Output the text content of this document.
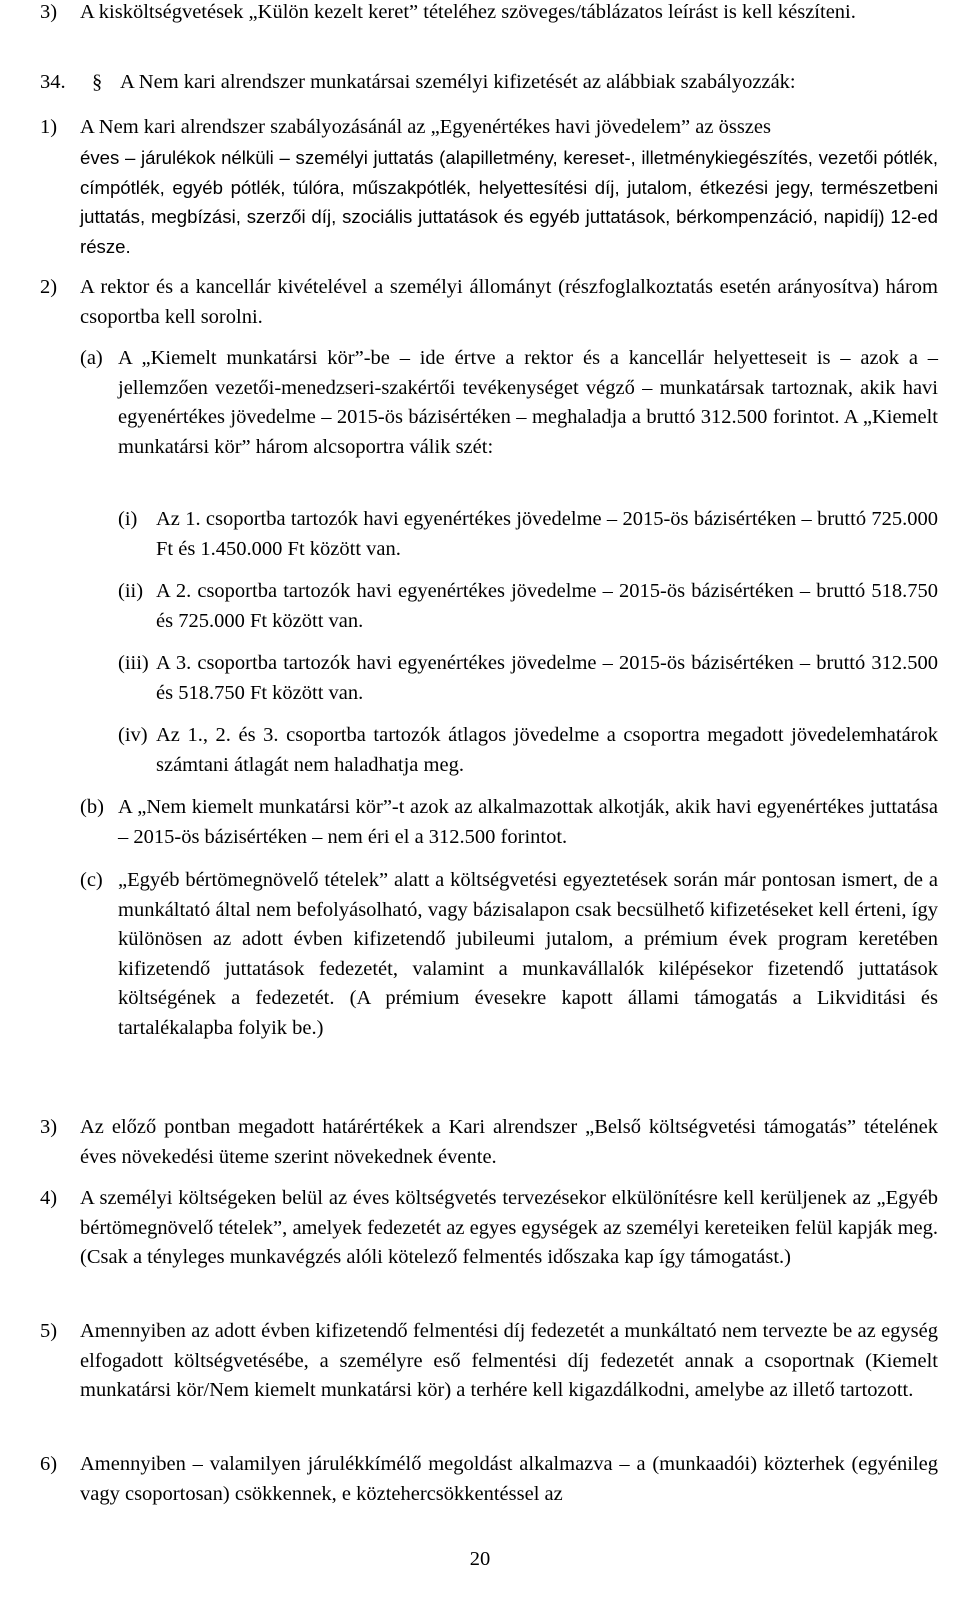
3) A kisköltségvetések „Külön kezelt keret” tételéhez szöveges/táblázatos leírást is kell készíteni.
34. § A Nem kari alrendszer munkatársai személyi kifizetését az alábbiak szabályozzák:
1) A Nem kari alrendszer szabályozásánál az „Egyenértékes havi jövedelem” az összes
éves – járulékok nélküli – személyi juttatás (alapilletmény, kereset-, illetménykiegészítés, vezetői pótlék, címpótlék, egyéb pótlék, túlóra, műszakpótlék, helyettesítési díj, jutalom, étkezési jegy, természetbeni juttatás, megbízási, szerzői díj, szociális juttatások és egyéb juttatások, bérkompenzáció, napidíj) 12-ed része.
2) A rektor és a kancellár kivételével a személyi állományt (részfoglalkoztatás esetén arányosítva) három csoportba kell sorolni.
(a) A „Kiemelt munkatársi kör”-be – ide értve a rektor és a kancellár helyetteseit is – azok a – jellemzően vezetői-menedzseri-szakértői tevékenységet végző – munkatársak tartoznak, akik havi egyenértékes jövedelme – 2015-ös bázisértéken – meghaladja a bruttó 312.500 forintot. A „Kiemelt munkatársi kör” három alcsoportra válik szét:
(i) Az 1. csoportba tartozók havi egyenértékes jövedelme – 2015-ös bázisértéken – bruttó 725.000 Ft és 1.450.000 Ft között van.
(ii) A 2. csoportba tartozók havi egyenértékes jövedelme – 2015-ös bázisértéken – bruttó 518.750 és 725.000 Ft között van.
(iii) A 3. csoportba tartozók havi egyenértékes jövedelme – 2015-ös bázisértéken – bruttó 312.500 és 518.750 Ft között van.
(iv) Az 1., 2. és 3. csoportba tartozók átlagos jövedelme a csoportra megadott jövedelemhatárok számtani átlagát nem haladhatja meg.
(b) A „Nem kiemelt munkatársi kör”-t azok az alkalmazottak alkotják, akik havi egyenértékes juttatása – 2015-ös bázisértéken – nem éri el a 312.500 forintot.
(c) „Egyéb bértömegnövelő tételek” alatt a költségvetési egyeztetések során már pontosan ismert, de a munkáltató által nem befolyásolható, vagy bázisalapon csak becsülhető kifizetéseket kell érteni, így különösen az adott évben kifizetendő jubileumi jutalom, a prémium évek program keretében kifizetendő juttatások fedezetét, valamint a munkavállalók kilépésekor fizetendő juttatások költségének a fedezetét. (A prémium évesekre kapott állami támogatás a Likviditási és tartalékalapba folyik be.)
3) Az előző pontban megadott határértékek a Kari alrendszer „Belső költségvetési támogatás” tételének éves növekedési üteme szerint növekednek évente.
4) A személyi költségeken belül az éves költségvetés tervezésekor elkülönítésre kell kerüljenek az „Egyéb bértömegnövelő tételek”, amelyek fedezetét az egyes egységek az személyi kereteiken felül kapják meg. (Csak a tényleges munkavégzés alóli kötelező felmentés időszaka kap így támogatást.)
5) Amennyiben az adott évben kifizetendő felmentési díj fedezetét a munkáltató nem tervezte be az egység elfogadott költségvetésébe, a személyre eső felmentési díj fedezetét annak a csoportnak (Kiemelt munkatársi kör/Nem kiemelt munkatársi kör) a terhére kell kigazdálkodni, amelybe az illető tartozott.
6) Amennyiben – valamilyen járulékkímélő megoldást alkalmazva – a (munkaadói) közterhek (egyénileg vagy csoportosan) csökkennek, e köztehercsökkentéssel az
20
